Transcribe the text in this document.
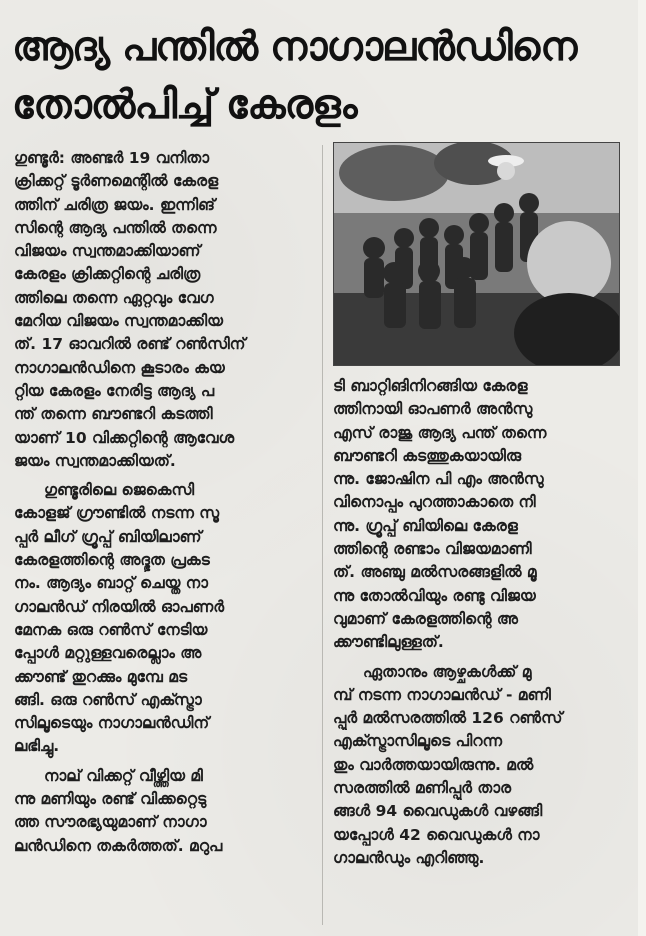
ആദ്യ പന്തിൽ നാഗാലൻഡിനെ
തോൽപിച്ച് കേരളം
ഗുണ്ടൂർ: അണ്ടർ 19 വനിതാ
ക്രിക്കറ്റ് ടൂർണമെന്റിൽ കേരള
ത്തിന് ചരിത്ര ജയം. ഇന്നിങ്
സിന്റെ ആദ്യ പന്തിൽ തന്നെ
വിജയം സ്വന്തമാക്കിയാണ്
കേരളം ക്രിക്കറ്റിന്റെ ചരിത്ര
ത്തിലെ തന്നെ ഏറ്റവും വേഗ
മേറിയ വിജയം സ്വന്തമാക്കിയ
ത്. 17 ഓവറിൽ രണ്ട് റൺസിന്
നാഗാലൻഡിനെ കൂടാരം കയ
റ്റിയ കേരളം നേരിട്ട ആദ്യ പ
ന്ത് തന്നെ ബൗണ്ടറി കടത്തി
യാണ് 10 വിക്കറ്റിന്റെ ആവേശ
ജയം സ്വന്തമാക്കിയത്.
ഗുണ്ടൂരിലെ ജെകെസി
കോളജ് ഗ്രൗണ്ടിൽ നടന്ന സൂ
പ്പർ ലീഗ് ഗ്രൂപ്പ് ബിയിലാണ്
കേരളത്തിന്റെ അദ്ഭുത പ്രകട
നം. ആദ്യം ബാറ്റ് ചെയ്ത നാ
ഗാലൻഡ് നിരയിൽ ഓപണർ
മേനക ഒരു റൺസ് നേടിയ
പ്പോൾ മറ്റുള്ളവരെല്ലാം അ
ക്കൗണ്ട് തുറക്കും മുമ്പേ മട
ങ്ങി. ഒരു റൺസ് എക്സ്ട്രാ
സിലൂടെയും നാഗാലൻഡിന്
ലഭിച്ചു.
നാല് വിക്കറ്റ് വീഴ്ത്തിയ മി
ന്നു മണിയും രണ്ട് വിക്കറ്റെടു
ത്ത സൗരഭ്യയുമാണ് നാഗാ
ലൻഡിനെ തകർത്തത്. മറുപ
ടി ബാറ്റിങിനിറങ്ങിയ കേരള
ത്തിനായി ഓപണർ അൻസു
എസ് രാജു ആദ്യ പന്ത് തന്നെ
ബൗണ്ടറി കടത്തുകയായിരു
ന്നു. ജോഷിന പി എം അൻസു
വിനൊപ്പം പുറത്താകാതെ നി
ന്നു. ഗ്രൂപ്പ് ബിയിലെ കേരള
ത്തിന്റെ രണ്ടാം വിജയമാണി
ത്. അഞ്ചു മൽസരങ്ങളിൽ മൂ
ന്നു തോൽവിയും രണ്ടു വിജയ
വുമാണ് കേരളത്തിന്റെ അ
ക്കൗണ്ടിലുള്ളത്.
ഏതാനും ആഴ്ചകൾക്ക് മു
മ്പ് നടന്ന നാഗാലൻഡ് - മണി
പ്പൂർ മൽസരത്തിൽ 126 റൺസ്
എക്സ്ട്രാസിലൂടെ പിറന്ന
തും വാർത്തയായിരുന്നു. മൽ
സരത്തിൽ മണിപ്പൂർ താര
ങ്ങൾ 94 വൈഡുകൾ വഴങ്ങി
യപ്പോൾ 42 വൈഡുകൾ നാ
ഗാലൻഡും എറിഞ്ഞു.
